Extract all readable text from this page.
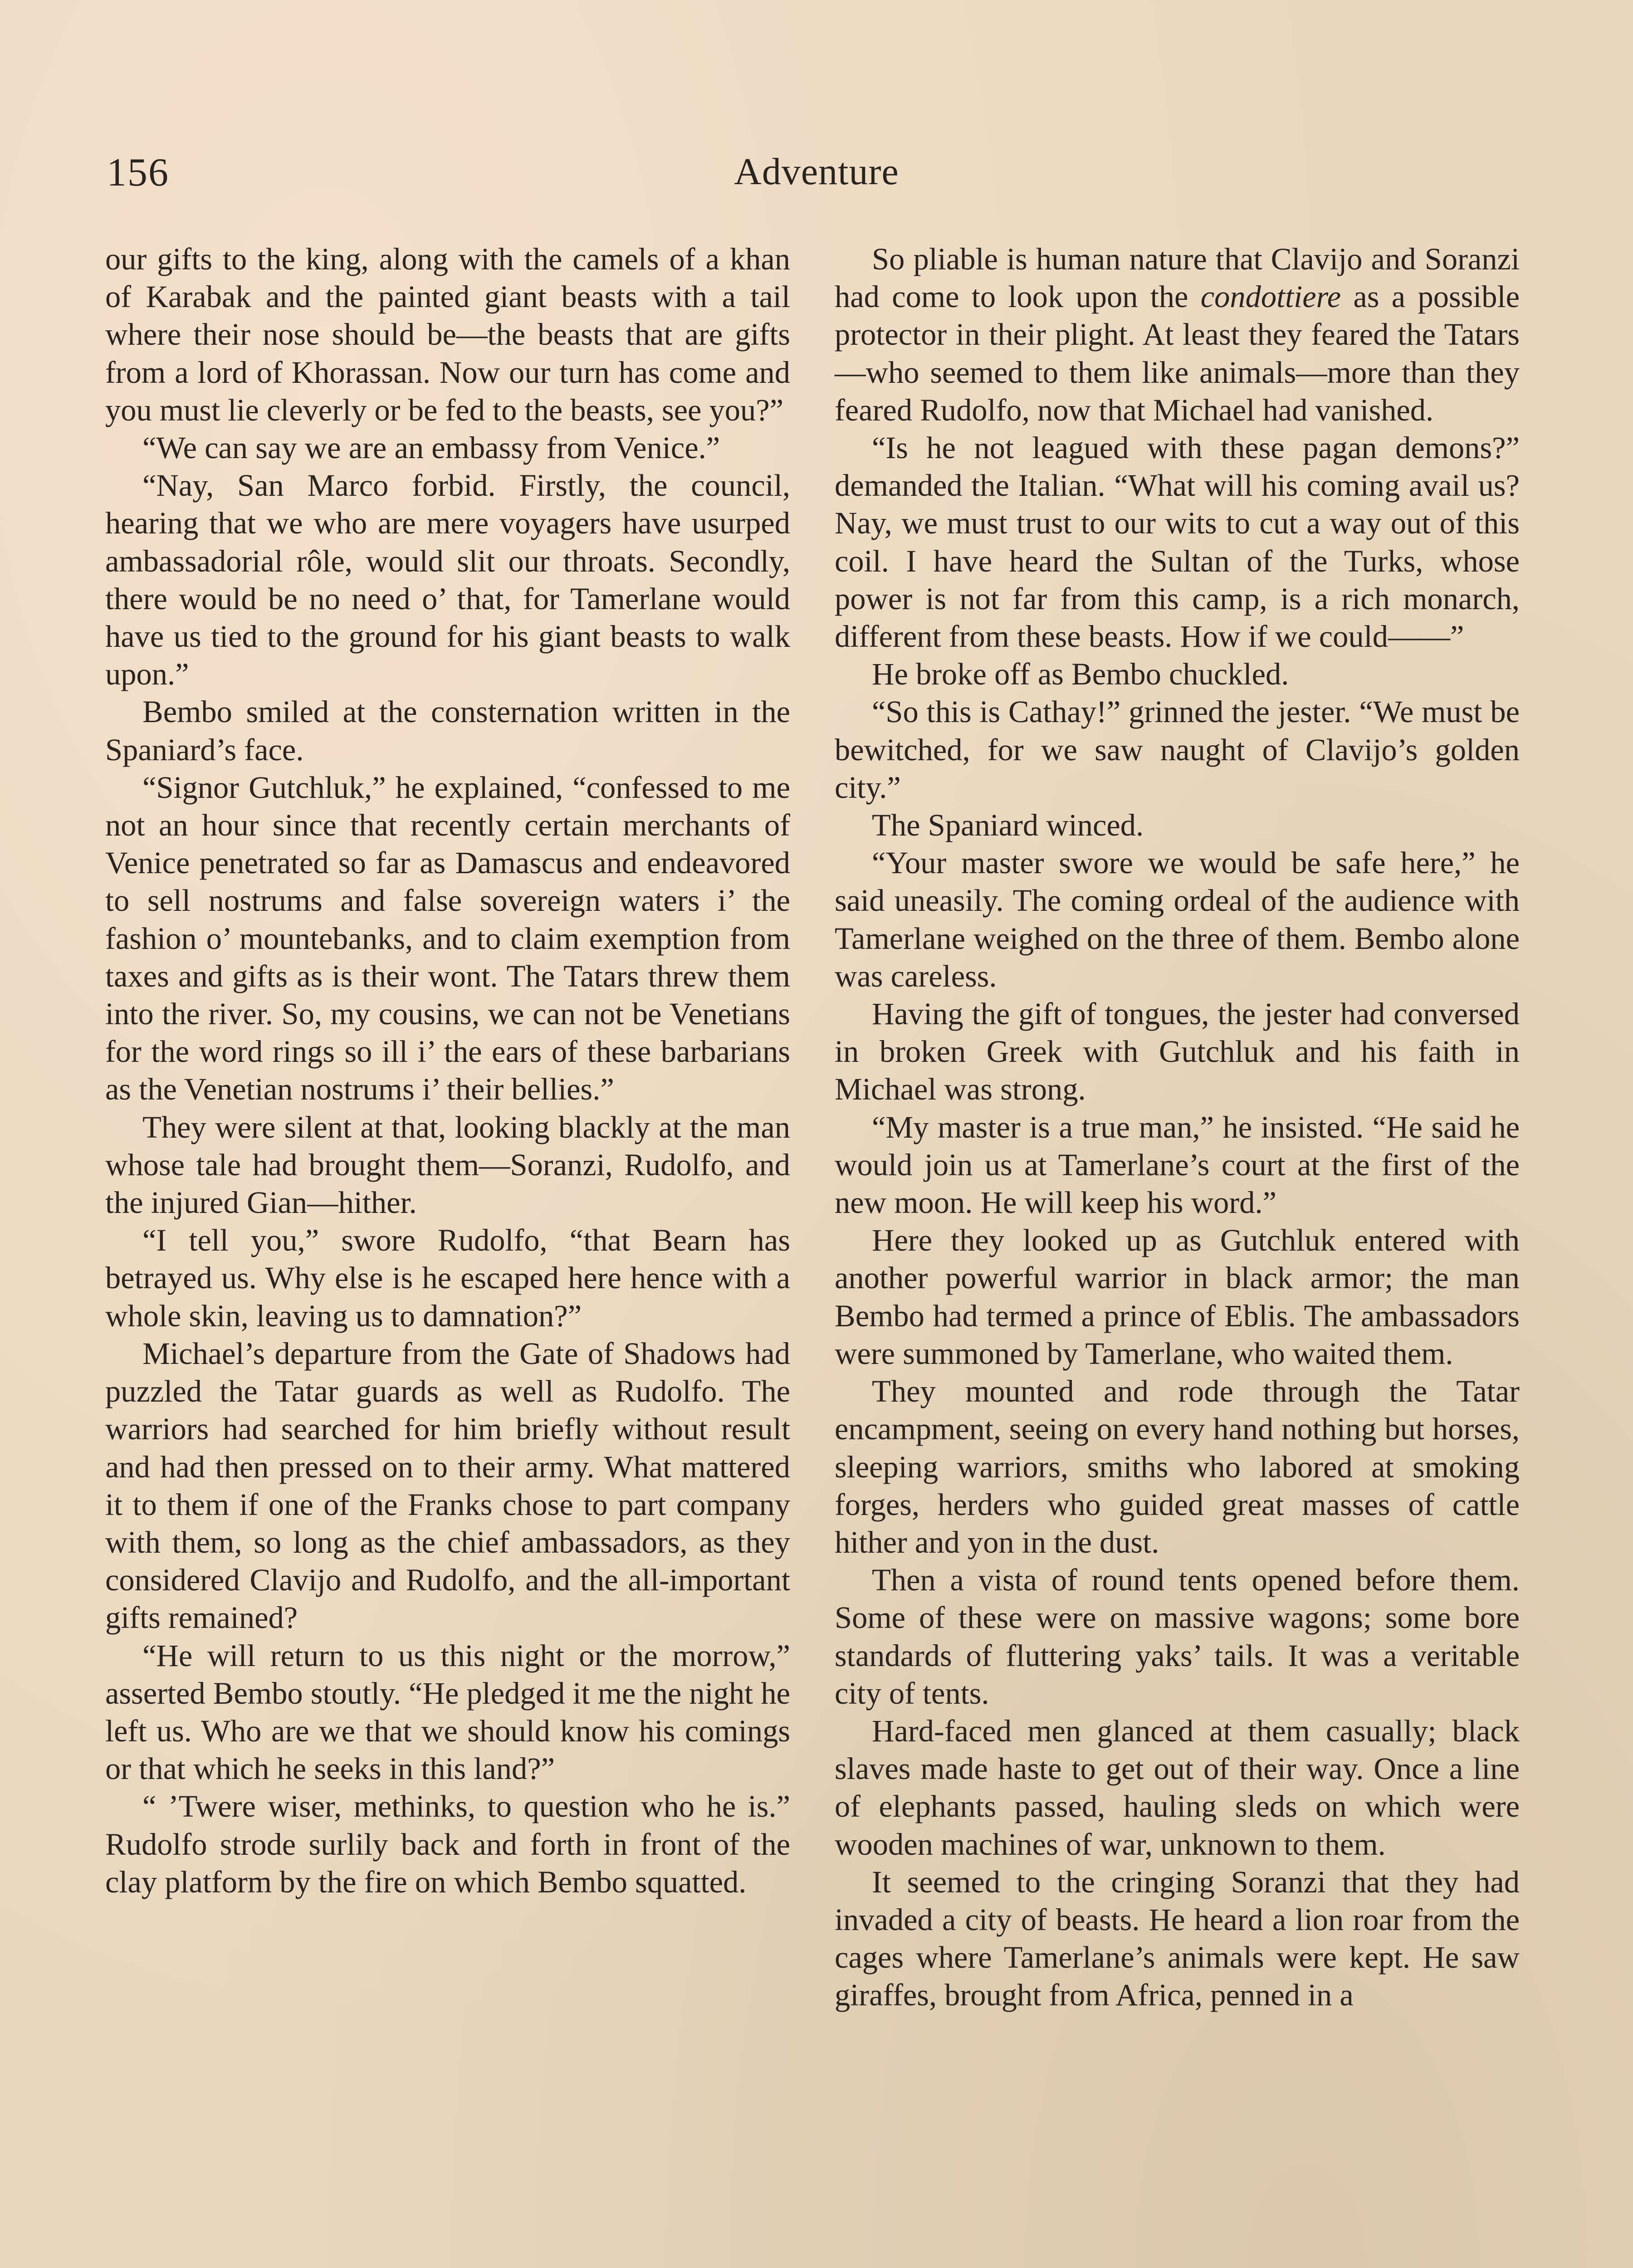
156	Adventure

our gifts to the king, along with the camels of a khan of Karabak and the painted giant beasts with a tail where their nose should be—the beasts that are gifts from a lord of Khorassan. Now our turn has come and you must lie cleverly or be fed to the beasts, see you?”

“We can say we are an embassy from Venice.”

“Nay, San Marco forbid. Firstly, the council, hearing that we who are mere voyagers have usurped ambassadorial rôle, would slit our throats. Secondly, there would be no need o’ that, for Tamerlane would have us tied to the ground for his giant beasts to walk upon.”

Bembo smiled at the consternation written in the Spaniard’s face.

“Signor Gutchluk,” he explained, “confessed to me not an hour since that recently certain merchants of Venice penetrated so far as Damascus and endeavored to sell nostrums and false sovereign waters i’ the fashion o’ mountebanks, and to claim exemption from taxes and gifts as is their wont. The Tatars threw them into the river. So, my cousins, we can not be Venetians for the word rings so ill i’ the ears of these barbarians as the Venetian nostrums i’ their bellies.”

They were silent at that, looking blackly at the man whose tale had brought them—Soranzi, Rudolfo, and the injured Gian—hither.

“I tell you,” swore Rudolfo, “that Bearn has betrayed us. Why else is he escaped here hence with a whole skin, leaving us to damnation?”

Michael’s departure from the Gate of Shadows had puzzled the Tatar guards as well as Rudolfo. The warriors had searched for him briefly without result and had then pressed on to their army. What mattered it to them if one of the Franks chose to part company with them, so long as the chief ambassadors, as they considered Clavijo and Rudolfo, and the all-important gifts remained?

“He will return to us this night or the morrow,” asserted Bembo stoutly. “He pledged it me the night he left us. Who are we that we should know his comings or that which he seeks in this land?”

“ ’Twere wiser, methinks, to question who he is.” Rudolfo strode surlily back and forth in front of the clay platform by the fire on which Bembo squatted.

So pliable is human nature that Clavijo and Soranzi had come to look upon the condottiere as a possible protector in their plight. At least they feared the Tatars—who seemed to them like animals—more than they feared Rudolfo, now that Michael had vanished.

“Is he not leagued with these pagan demons?” demanded the Italian. “What will his coming avail us? Nay, we must trust to our wits to cut a way out of this coil. I have heard the Sultan of the Turks, whose power is not far from this camp, is a rich monarch, different from these beasts. How if we could——”

He broke off as Bembo chuckled.

“So this is Cathay!” grinned the jester. “We must be bewitched, for we saw naught of Clavijo’s golden city.”

The Spaniard winced.

“Your master swore we would be safe here,” he said uneasily. The coming ordeal of the audience with Tamerlane weighed on the three of them. Bembo alone was careless.

Having the gift of tongues, the jester had conversed in broken Greek with Gutchluk and his faith in Michael was strong.

“My master is a true man,” he insisted. “He said he would join us at Tamerlane’s court at the first of the new moon. He will keep his word.”

Here they looked up as Gutchluk entered with another powerful warrior in black armor; the man Bembo had termed a prince of Eblis. The ambassadors were summoned by Tamerlane, who waited them.

They mounted and rode through the Tatar encampment, seeing on every hand nothing but horses, sleeping warriors, smiths who labored at smoking forges, herders who guided great masses of cattle hither and yon in the dust.

Then a vista of round tents opened before them. Some of these were on massive wagons; some bore standards of fluttering yaks’ tails. It was a veritable city of tents.

Hard-faced men glanced at them casually; black slaves made haste to get out of their way. Once a line of elephants passed, hauling sleds on which were wooden machines of war, unknown to them.

It seemed to the cringing Soranzi that they had invaded a city of beasts. He heard a lion roar from the cages where Tamerlane’s animals were kept. He saw giraffes, brought from Africa, penned in a
